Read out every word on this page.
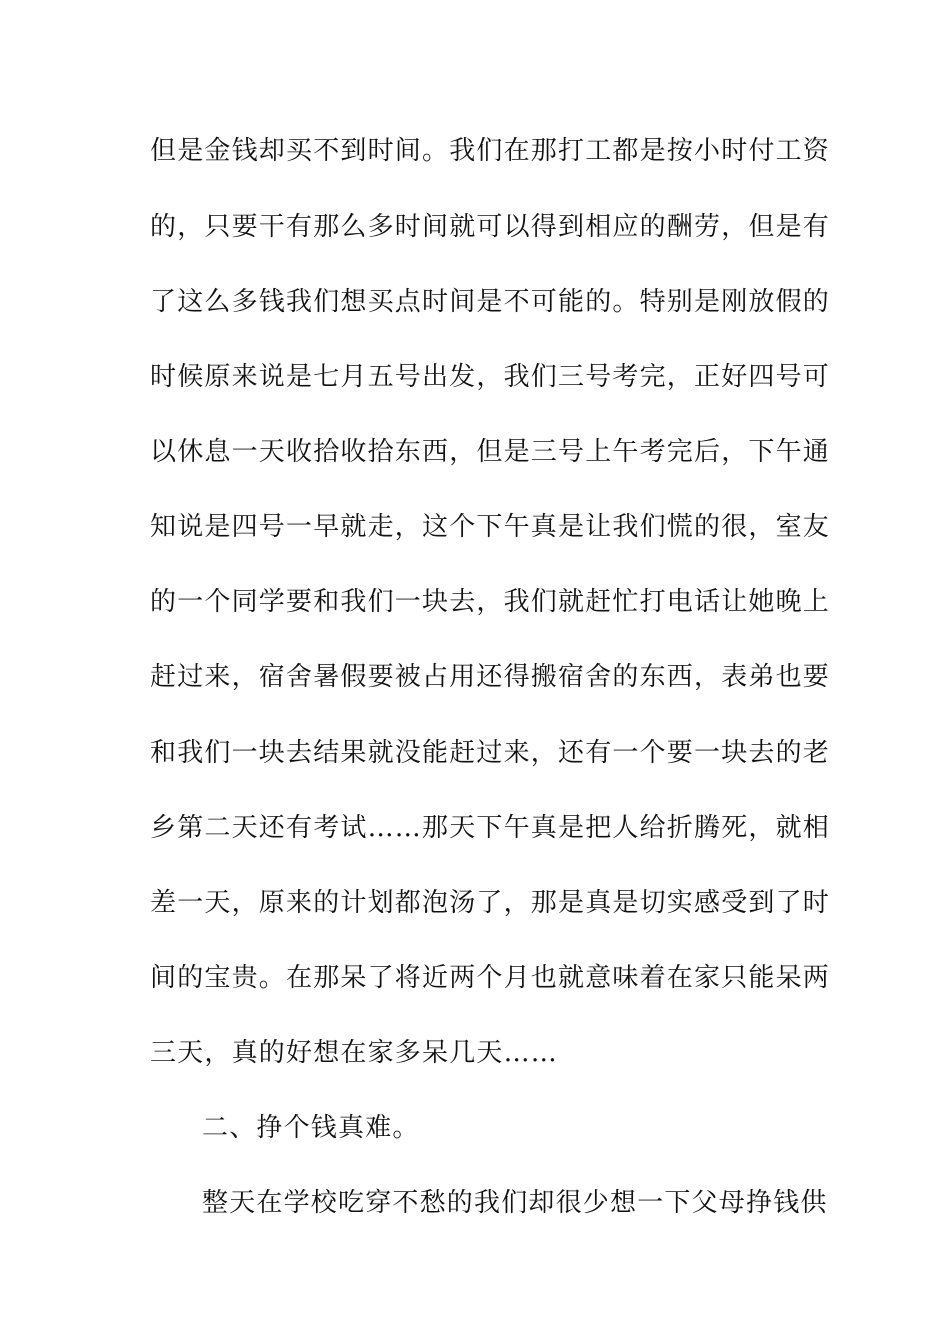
但是金钱却买不到时间。我们在那打工都是按小时付工资
的，只要干有那么多时间就可以得到相应的酬劳，但是有
了这么多钱我们想买点时间是不可能的。特别是刚放假的
时候原来说是七月五号出发，我们三号考完，正好四号可
以休息一天收拾收拾东西，但是三号上午考完后，下午通
知说是四号一早就走，这个下午真是让我们慌的很，室友
的一个同学要和我们一块去，我们就赶忙打电话让她晚上
赶过来，宿舍暑假要被占用还得搬宿舍的东西，表弟也要
和我们一块去结果就没能赶过来，还有一个要一块去的老
乡第二天还有考试……那天下午真是把人给折腾死，就相
差一天，原来的计划都泡汤了，那是真是切实感受到了时
间的宝贵。在那呆了将近两个月也就意味着在家只能呆两
三天，真的好想在家多呆几天……
二、挣个钱真难。
整天在学校吃穿不愁的我们却很少想一下父母挣钱供
